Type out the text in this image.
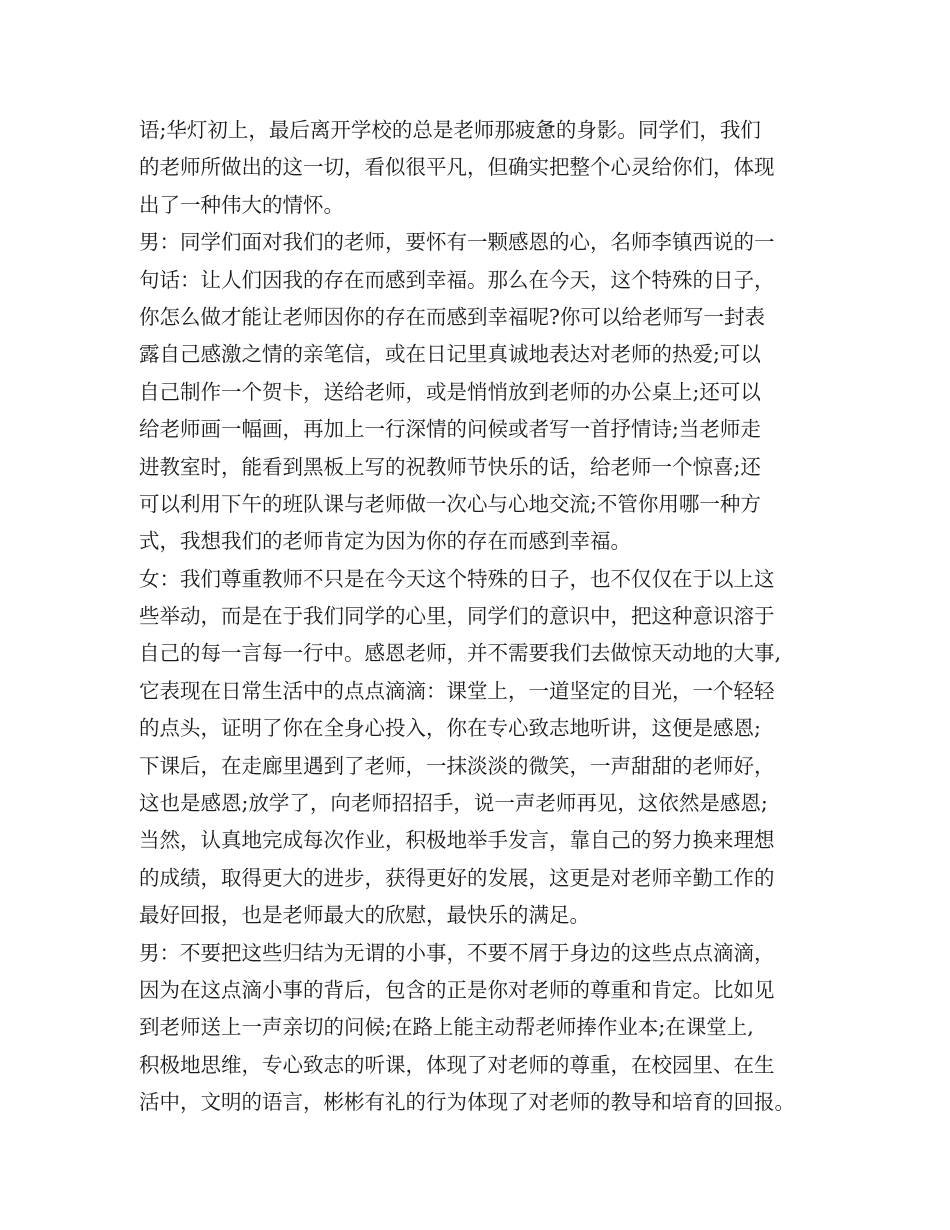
语;华灯初上，最后离开学校的总是老师那疲惫的身影。同学们，我们
的老师所做出的这一切，看似很平凡，但确实把整个心灵给你们，体现
出了一种伟大的情怀。
男：同学们面对我们的老师，要怀有一颗感恩的心，名师李镇西说的一
句话：让人们因我的存在而感到幸福。那么在今天，这个特殊的日子，
你怎么做才能让老师因你的存在而感到幸福呢?你可以给老师写一封表
露自己感激之情的亲笔信，或在日记里真诚地表达对老师的热爱;可以
自己制作一个贺卡，送给老师，或是悄悄放到老师的办公桌上;还可以
给老师画一幅画，再加上一行深情的问候或者写一首抒情诗;当老师走
进教室时，能看到黑板上写的祝教师节快乐的话，给老师一个惊喜;还
可以利用下午的班队课与老师做一次心与心地交流;不管你用哪一种方
式，我想我们的老师肯定为因为你的存在而感到幸福。
女：我们尊重教师不只是在今天这个特殊的日子，也不仅仅在于以上这
些举动，而是在于我们同学的心里，同学们的意识中，把这种意识溶于
自己的每一言每一行中。感恩老师，并不需要我们去做惊天动地的大事,
它表现在日常生活中的点点滴滴：课堂上，一道坚定的目光，一个轻轻
的点头，证明了你在全身心投入，你在专心致志地听讲，这便是感恩;
下课后，在走廊里遇到了老师，一抹淡淡的微笑，一声甜甜的老师好，
这也是感恩;放学了，向老师招招手，说一声老师再见，这依然是感恩;
当然，认真地完成每次作业，积极地举手发言，靠自己的努力换来理想
的成绩，取得更大的进步，获得更好的发展，这更是对老师辛勤工作的
最好回报，也是老师最大的欣慰，最快乐的满足。
男：不要把这些归结为无谓的小事，不要不屑于身边的这些点点滴滴，
因为在这点滴小事的背后，包含的正是你对老师的尊重和肯定。比如见
到老师送上一声亲切的问候;在路上能主动帮老师捧作业本;在课堂上,
积极地思维，专心致志的听课，体现了对老师的尊重，在校园里、在生
活中，文明的语言，彬彬有礼的行为体现了对老师的教导和培育的回报。
